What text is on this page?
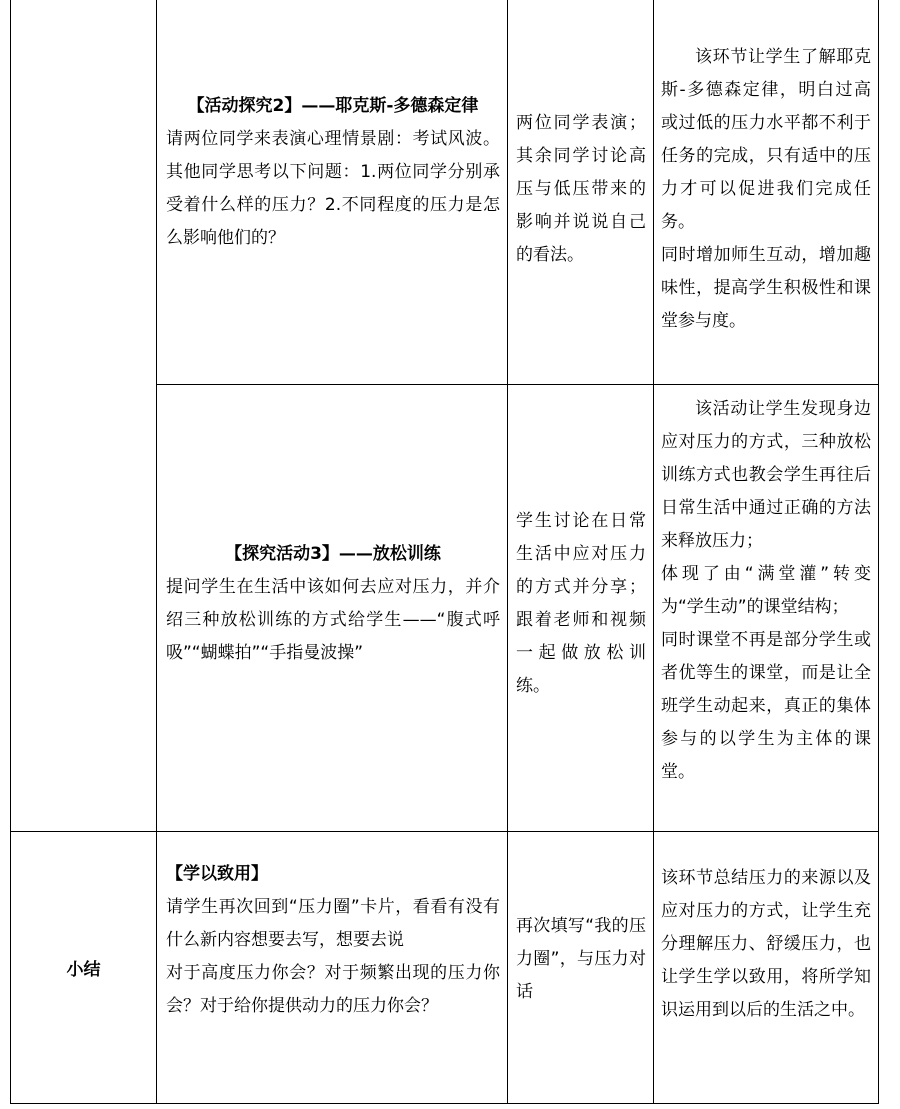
【活动探究2】——耶克斯-多德森定律

请两位同学来表演心理情景剧：考试风波。其他同学思考以下问题：1.两位同学分别承受着什么样的压力？2.不同程度的压力是怎么影响他们的？

两位同学表演；其余同学讨论高压与低压带来的影响并说说自己的看法。

该环节让学生了解耶克斯-多德森定律，明白过高或过低的压力水平都不利于任务的完成，只有适中的压力才可以促进我们完成任务。

同时增加师生互动，增加趣味性，提高学生积极性和课堂参与度。

【探究活动3】——放松训练

提问学生在生活中该如何去应对压力，并介绍三种放松训练的方式给学生——“腹式呼吸”“蝴蝶拍”“手指曼波操”

学生讨论在日常生活中应对压力的方式并分享；跟着老师和视频一起做放松训练。

该活动让学生发现身边应对压力的方式，三种放松训练方式也教会学生再往后日常生活中通过正确的方法来释放压力；

体现了由“满堂灌”转变为“学生动”的课堂结构；

同时课堂不再是部分学生或者优等生的课堂，而是让全班学生动起来，真正的集体参与的以学生为主体的课堂。

小结

【学以致用】

请学生再次回到“压力圈”卡片，看看有没有什么新内容想要去写，想要去说

对于高度压力你会？对于频繁出现的压力你会？对于给你提供动力的压力你会？

再次填写“我的压力圈”，与压力对话

该环节总结压力的来源以及应对压力的方式，让学生充分理解压力、舒缓压力，也让学生学以致用，将所学知识运用到以后的生活之中。
